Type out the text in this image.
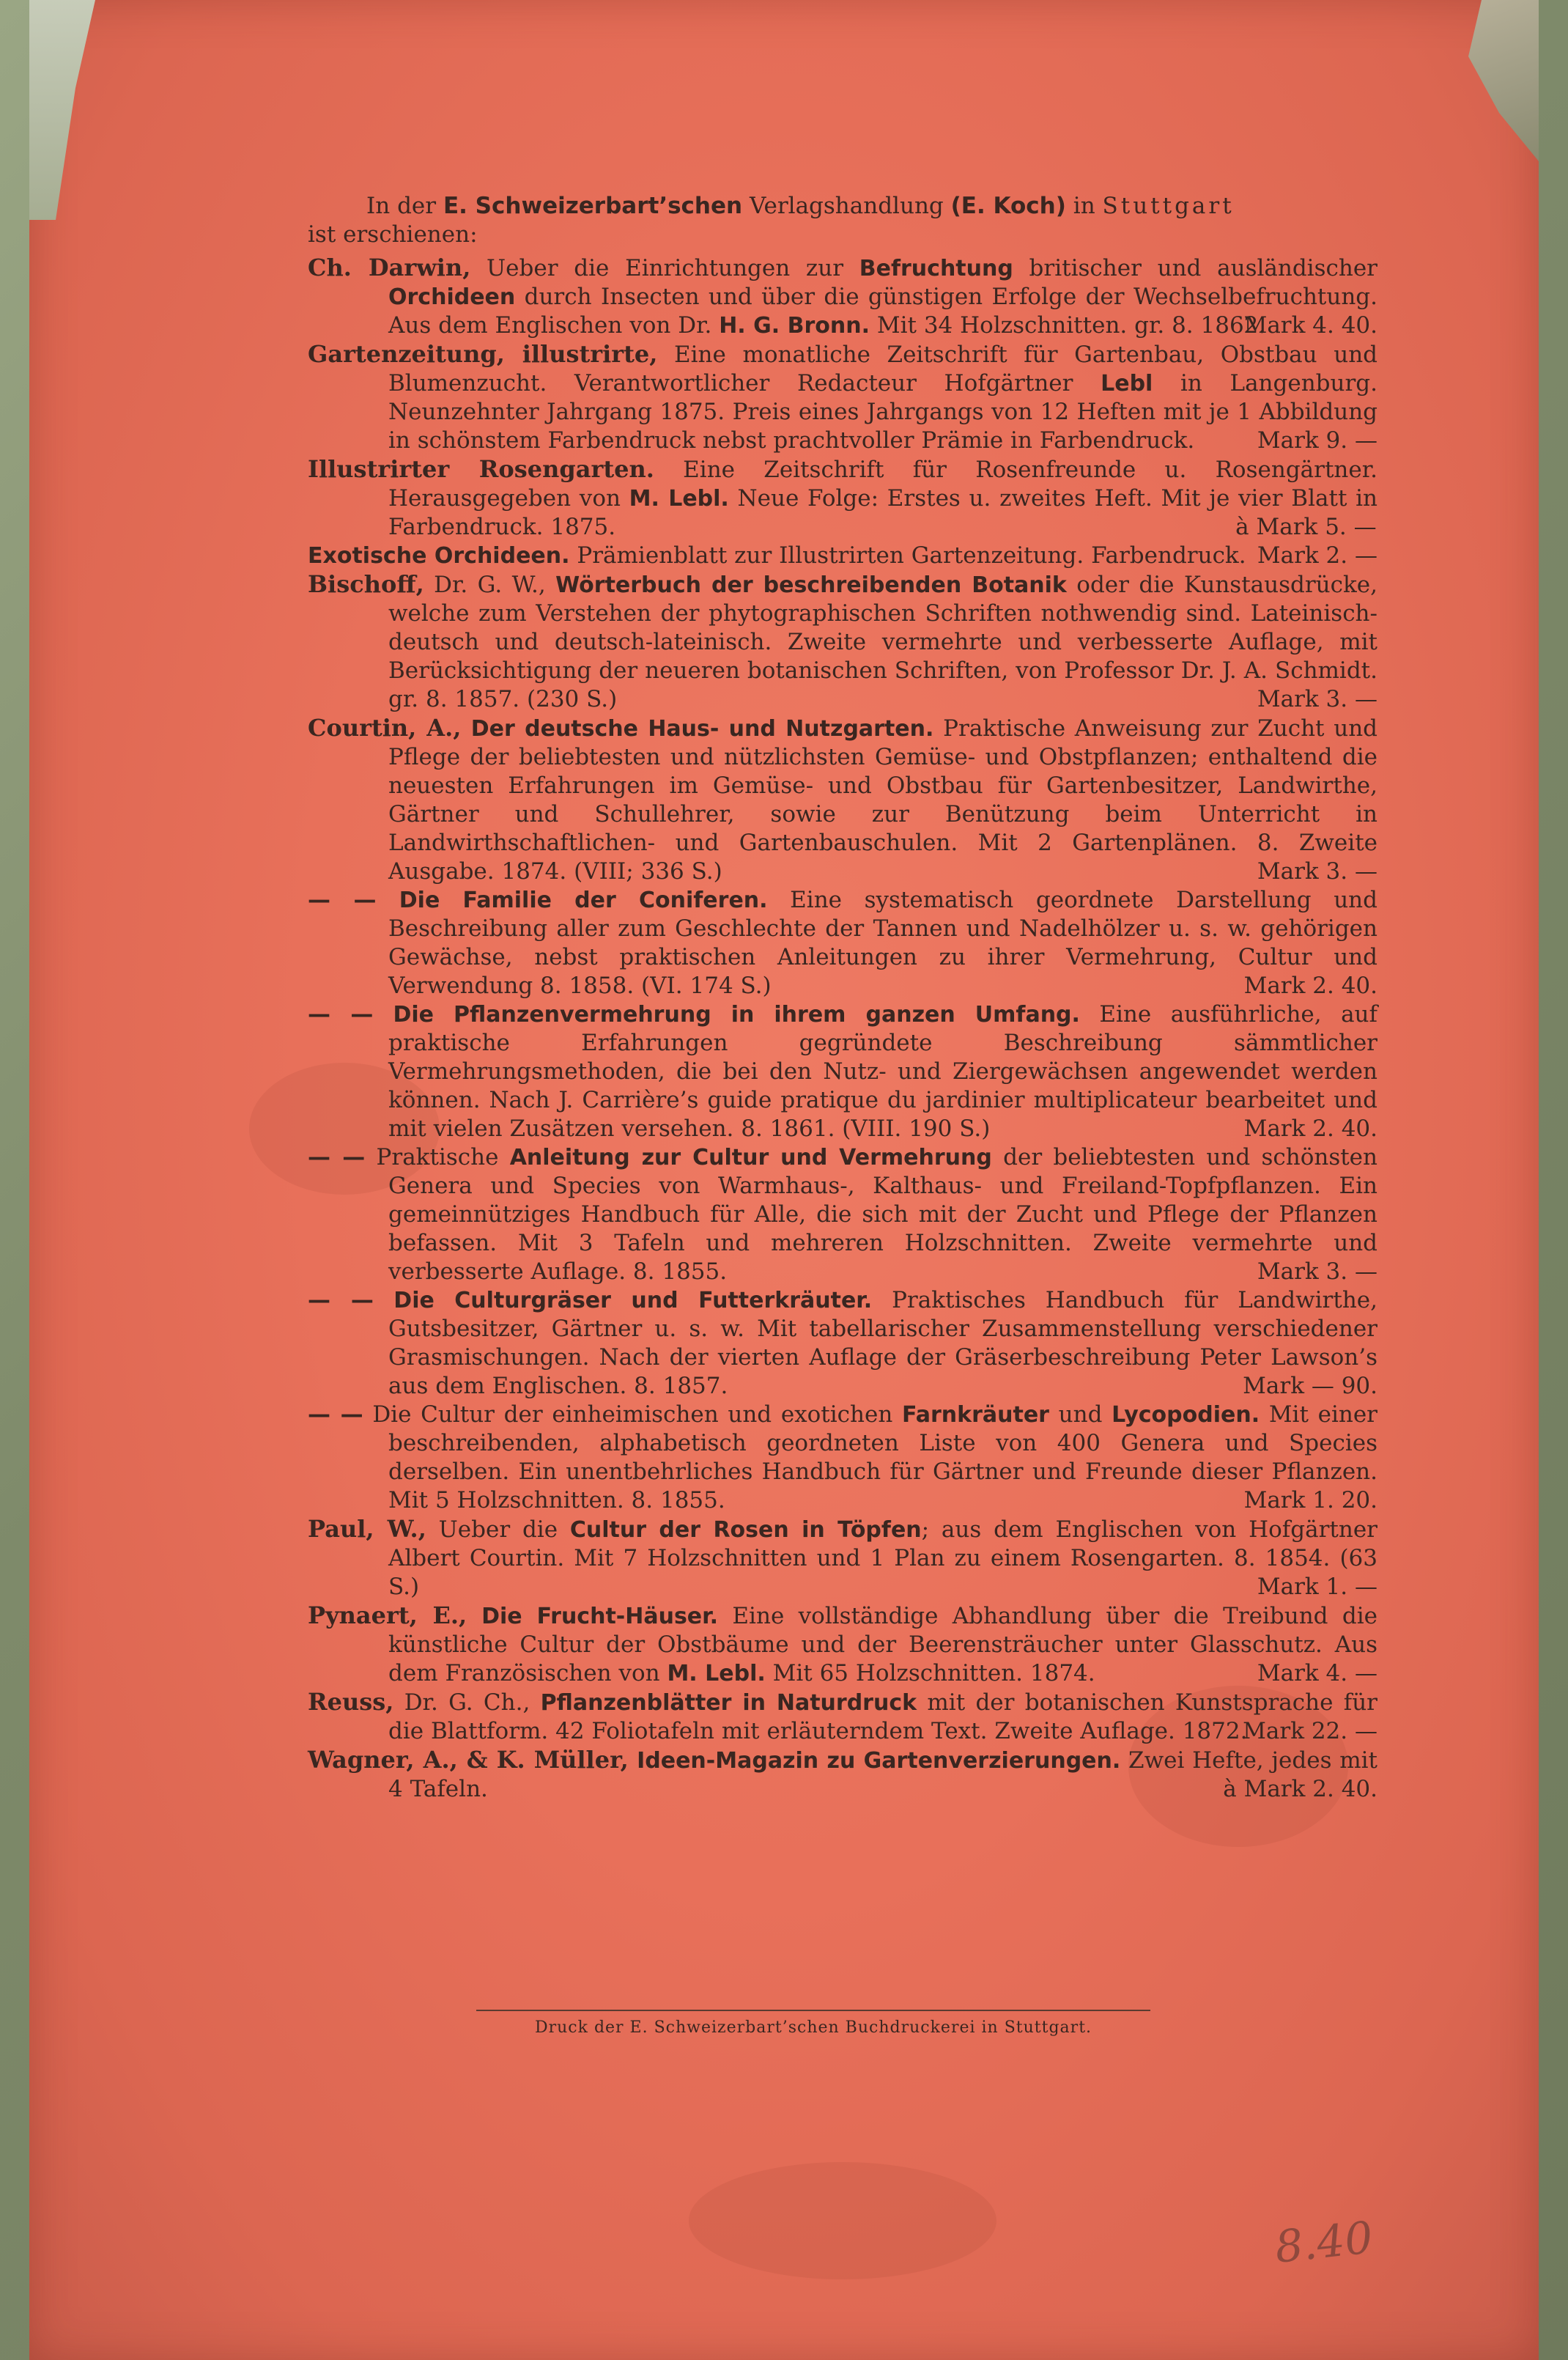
In der E. Schweizerbart’schen Verlagshandlung (E. Koch) in Stuttgart
ist erschienen:

Ch. Darwin, Ueber die Einrichtungen zur Befruchtung britischer und ausländischer Orchideen durch Insecten und über die günstigen Erfolge der Wechselbefruchtung. Aus dem Englischen von Dr. H. G. Bronn. Mit 34 Holzschnitten. gr. 8. 1862.
Mark 4. 40.

Gartenzeitung, illustrirte, Eine monatliche Zeitschrift für Gartenbau, Obstbau und Blumenzucht. Verantwortlicher Redacteur Hofgärtner Lebl in Langenburg. Neunzehnter Jahrgang 1875. Preis eines Jahrgangs von 12 Heften mit je 1 Abbildung in schönstem Farbendruck nebst prachtvoller Prämie in Farbendruck.	Mark 9. —

Illustrirter Rosengarten. Eine Zeitschrift für Rosenfreunde u. Rosengärtner. Herausgegeben von M. Lebl. Neue Folge: Erstes u. zweites Heft. Mit je vier Blatt in Farbendruck. 1875.	à Mark 5. —

Exotische Orchideen. Prämienblatt zur Illustrirten Gartenzeitung. Farbendruck. Mark 2. —

Bischoff, Dr. G. W., Wörterbuch der beschreibenden Botanik oder die Kunstausdrücke, welche zum Verstehen der phytographischen Schriften nothwendig sind. Lateinisch-deutsch und deutsch-lateinisch. Zweite vermehrte und verbesserte Auflage, mit Berücksichtigung der neueren botanischen Schriften, von Professor Dr. J. A. Schmidt. gr. 8. 1857. (230 S.)	Mark 3. —

Courtin, A., Der deutsche Haus- und Nutzgarten. Praktische Anweisung zur Zucht und Pflege der beliebtesten und nützlichsten Gemüse- und Obstpflanzen; enthaltend die neuesten Erfahrungen im Gemüse- und Obstbau für Gartenbesitzer, Landwirthe, Gärtner und Schullehrer, sowie zur Benützung beim Unterricht in Landwirthschaftlichen- und Gartenbauschulen. Mit 2 Gartenplänen. 8. Zweite Ausgabe. 1874. (VIII; 336 S.)	Mark 3. —

— — Die Familie der Coniferen. Eine systematisch geordnete Darstellung und Beschreibung aller zum Geschlechte der Tannen und Nadelhölzer u. s. w. gehörigen Gewächse, nebst praktischen Anleitungen zu ihrer Vermehrung, Cultur und Verwendung 8. 1858. (VI. 174 S.)	Mark 2. 40.

— — Die Pflanzenvermehrung in ihrem ganzen Umfang. Eine ausführliche, auf praktische Erfahrungen gegründete Beschreibung sämmtlicher Vermehrungsmethoden, die bei den Nutz- und Ziergewächsen angewendet werden können. Nach J. Carrière’s guide pratique du jardinier multiplicateur bearbeitet und mit vielen Zusätzen versehen. 8. 1861. (VIII. 190 S.)	Mark 2. 40.

— — Praktische Anleitung zur Cultur und Vermehrung der beliebtesten und schönsten Genera und Species von Warmhaus-, Kalthaus- und Freiland-Topfpflanzen. Ein gemeinnütziges Handbuch für Alle, die sich mit der Zucht und Pflege der Pflanzen befassen. Mit 3 Tafeln und mehreren Holzschnitten. Zweite vermehrte und verbesserte Auflage. 8. 1855.	Mark 3. —

— — Die Culturgräser und Futterkräuter. Praktisches Handbuch für Landwirthe, Gutsbesitzer, Gärtner u. s. w. Mit tabellarischer Zusammenstellung verschiedener Grasmischungen. Nach der vierten Auflage der Gräserbeschreibung Peter Lawson’s aus dem Englischen. 8. 1857.	Mark — 90.

— — Die Cultur der einheimischen und exotichen Farnkräuter und Lycopodien. Mit einer beschreibenden, alphabetisch geordneten Liste von 400 Genera und Species derselben. Ein unentbehrliches Handbuch für Gärtner und Freunde dieser Pflanzen. Mit 5 Holzschnitten. 8. 1855.	Mark 1. 20.

Paul, W., Ueber die Cultur der Rosen in Töpfen; aus dem Englischen von Hofgärtner Albert Courtin. Mit 7 Holzschnitten und 1 Plan zu einem Rosengarten. 8. 1854. (63 S.)	Mark 1. —

Pynaert, E., Die Frucht-Häuser. Eine vollständige Abhandlung über die Treibund die künstliche Cultur der Obstbäume und der Beerensträucher unter Glasschutz. Aus dem Französischen von M. Lebl. Mit 65 Holzschnitten. 1874.	Mark 4. —

Reuss, Dr. G. Ch., Pflanzenblätter in Naturdruck mit der botanischen Kunstsprache für die Blattform. 42 Foliotafeln mit erläuterndem Text. Zweite Auflage. 1872.
Mark 22. —

Wagner, A., & K. Müller, Ideen-Magazin zu Gartenverzierungen. Zwei Hefte, jedes mit 4 Tafeln.	à Mark 2. 40.

Druck der E. Schweizerbart’schen Buchdruckerei in Stuttgart.
8.40
